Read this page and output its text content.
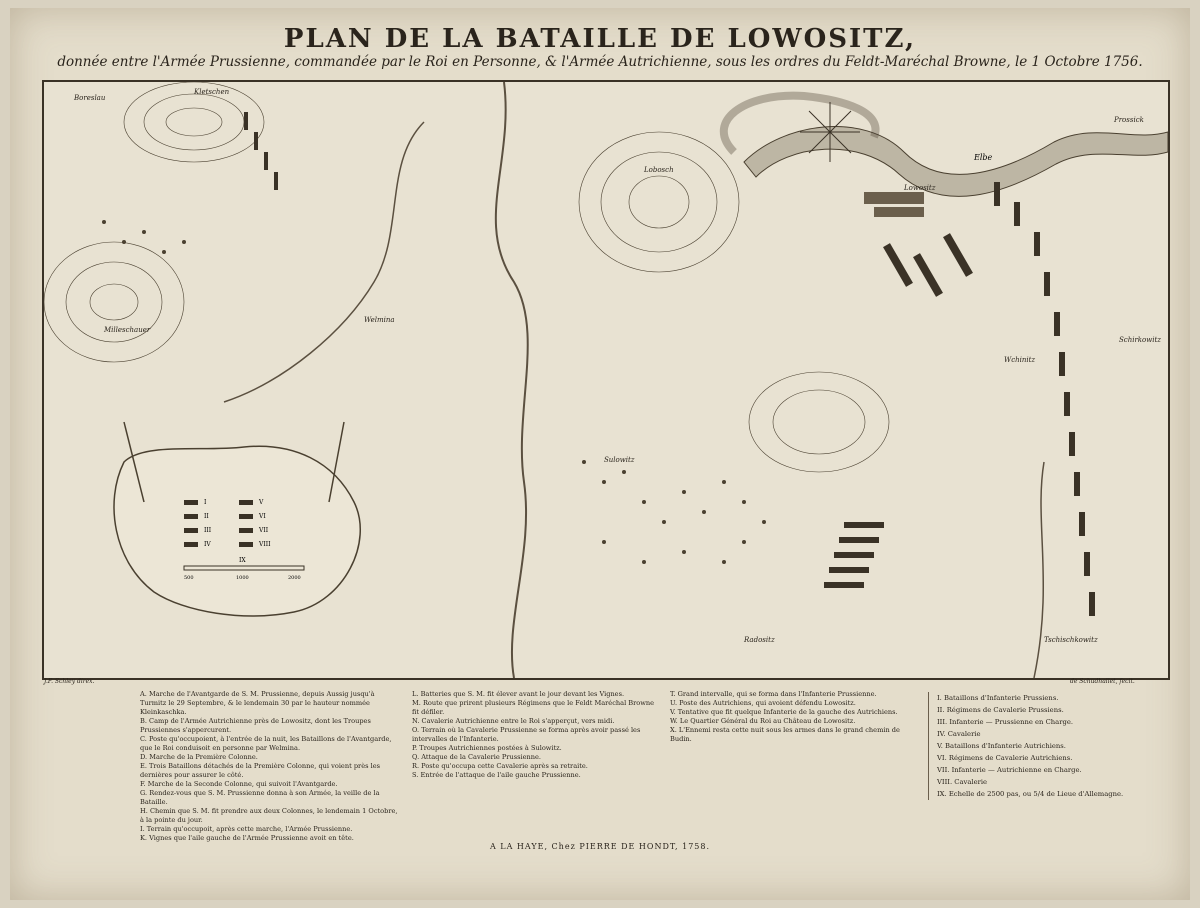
PLAN DE LA BATAILLE DE LOWOSITZ,
donnée entre l'Armée Prussienne, commandée par le Roi en Personne, & l'Armée Autrichienne, sous les ordres du Feldt-Maréchal Browne, le 1 Octobre 1756.
Boreslau
Kletschen
Milleschauer
Welmina
Lowositz
Lobosch
Sulowitz
Tschischkowitz
Prossick
Schirkowitz
Wchinitz
Radositz
Elbe
I
II
III
IV
V
VI
VII
VIII
IX
500	1000	2000
J.F. Schley direx.	de Schudhallet, fecit.
A. Marche de l'Avantgarde de S. M. Prussienne, depuis Aussig jusqu'à Turmitz le 29 Septembre, & le lendemain 30 par le hauteur nommée Kleinkaschka.
B. Camp de l'Armée Autrichienne près de Lowositz, dont les Troupes Prussiennes s'appercurent.
C. Poste qu'occupoient, à l'entrée de la nuit, les Bataillons de l'Avantgarde, que le Roi conduisoit en personne par Welmina.
D. Marche de la Première Colonne.
E. Trois Bataillons détachés de la Première Colonne, qui voient près les dernières pour assurer le côté.
F. Marche de la Seconde Colonne, qui suivoit l'Avantgarde.
G. Rendez-vous que S. M. Prussienne donna à son Armée, la veille de la Bataille.
H. Chemin que S. M. fit prendre aux deux Colonnes, le lendemain 1 Octobre, à la pointe du jour.
I. Terrain qu'occupoit, après cette marche, l'Armée Prussienne.
K. Vignes que l'aile gauche de l'Armée Prussienne avoit en tête.
L. Batteries que S. M. fit élever avant le jour devant les Vignes.
M. Route que prirent plusieurs Régimens que le Feldt Maréchal Browne fit défiler.
N. Cavalerie Autrichienne entre le Roi s'apperçut, vers midi.
O. Terrain où la Cavalerie Prussienne se forma après avoir passé les intervalles de l'Infanterie.
P. Troupes Autrichiennes postées à Sulowitz.
Q. Attaque de la Cavalerie Prussienne.
R. Poste qu'occupa cette Cavalerie après sa retraite.
S. Entrée de l'attaque de l'aile gauche Prussienne.
T. Grand intervalle, qui se forma dans l'Infanterie Prussienne.
U. Poste des Autrichiens, qui avoient défendu Lowositz.
V. Tentative que fit quelque Infanterie de la gauche des Autrichiens.
W. Le Quartier Général du Roi au Château de Lowositz.
X. L'Ennemi resta cette nuit sous les armes dans le grand chemin de Budin.
A LA HAYE, Chez PIERRE DE HONDT, 1758.
I. Bataillons d'Infanterie Prussiens.
II. Régimens de Cavalerie Prussiens.
III. Infanterie — Prussienne en Charge.
IV. Cavalerie
V. Bataillons d'Infanterie Autrichiens.
VI. Régimens de Cavalerie Autrichiens.
VII. Infanterie — Autrichienne en Charge.
VIII. Cavalerie
IX. Echelle de 2500 pas, ou 5/4 de Lieue d'Allemagne.
